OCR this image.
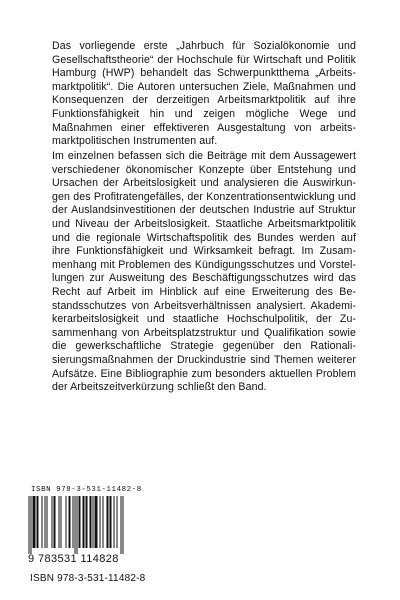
Das vorliegende erste „Jahrbuch für Sozialökonomie und Gesellschaftstheorie“ der Hochschule für Wirtschaft und Politik Hamburg (HWP) behandelt das Schwerpunktthema „Arbeitsmarktpolitik“. Die Autoren untersuchen Ziele, Maßnahmen und Konsequenzen der derzeitigen Arbeitsmarktpolitik auf ihre Funktionsfähigkeit hin und zeigen mögliche Wege und Maßnahmen einer effektiveren Ausgestaltung von arbeitsmarktpolitischen Instrumenten auf.

Im einzelnen befassen sich die Beiträge mit dem Aussagewert verschiedener ökonomischer Konzepte über Entstehung und Ursachen der Arbeitslosigkeit und analysieren die Auswirkungen des Profitratengefälles, der Konzentrationsentwicklung und der Auslandsinvestitionen der deutschen Industrie auf Struktur und Niveau der Arbeitslosigkeit. Staatliche Arbeitsmarktpolitik und die regionale Wirtschaftspolitik des Bundes werden auf ihre Funktionsfähigkeit und Wirksamkeit befragt. Im Zusammenhang mit Problemen des Kündigungsschutzes und Vorstellungen zur Ausweitung des Beschäftigungsschutzes wird das Recht auf Arbeit im Hinblick auf eine Erweiterung des Bestandsschutzes von Arbeitsverhältnissen analysiert. Akademikerarbeitslosigkeit und staatliche Hochschulpolitik, der Zusammenhang von Arbeitsplatzstruktur und Qualifikation sowie die gewerkschaftliche Strategie gegenüber den Rationalisierungsmaßnahmen der Druckindustrie sind Themen weiterer Aufsätze. Eine Bibliographie zum besonders aktuellen Problem der Arbeitszeitverkürzung schließt den Band.

ISBN 978-3-531-11482-8
9 783531 114828
ISBN 978-3-531-11482-8
